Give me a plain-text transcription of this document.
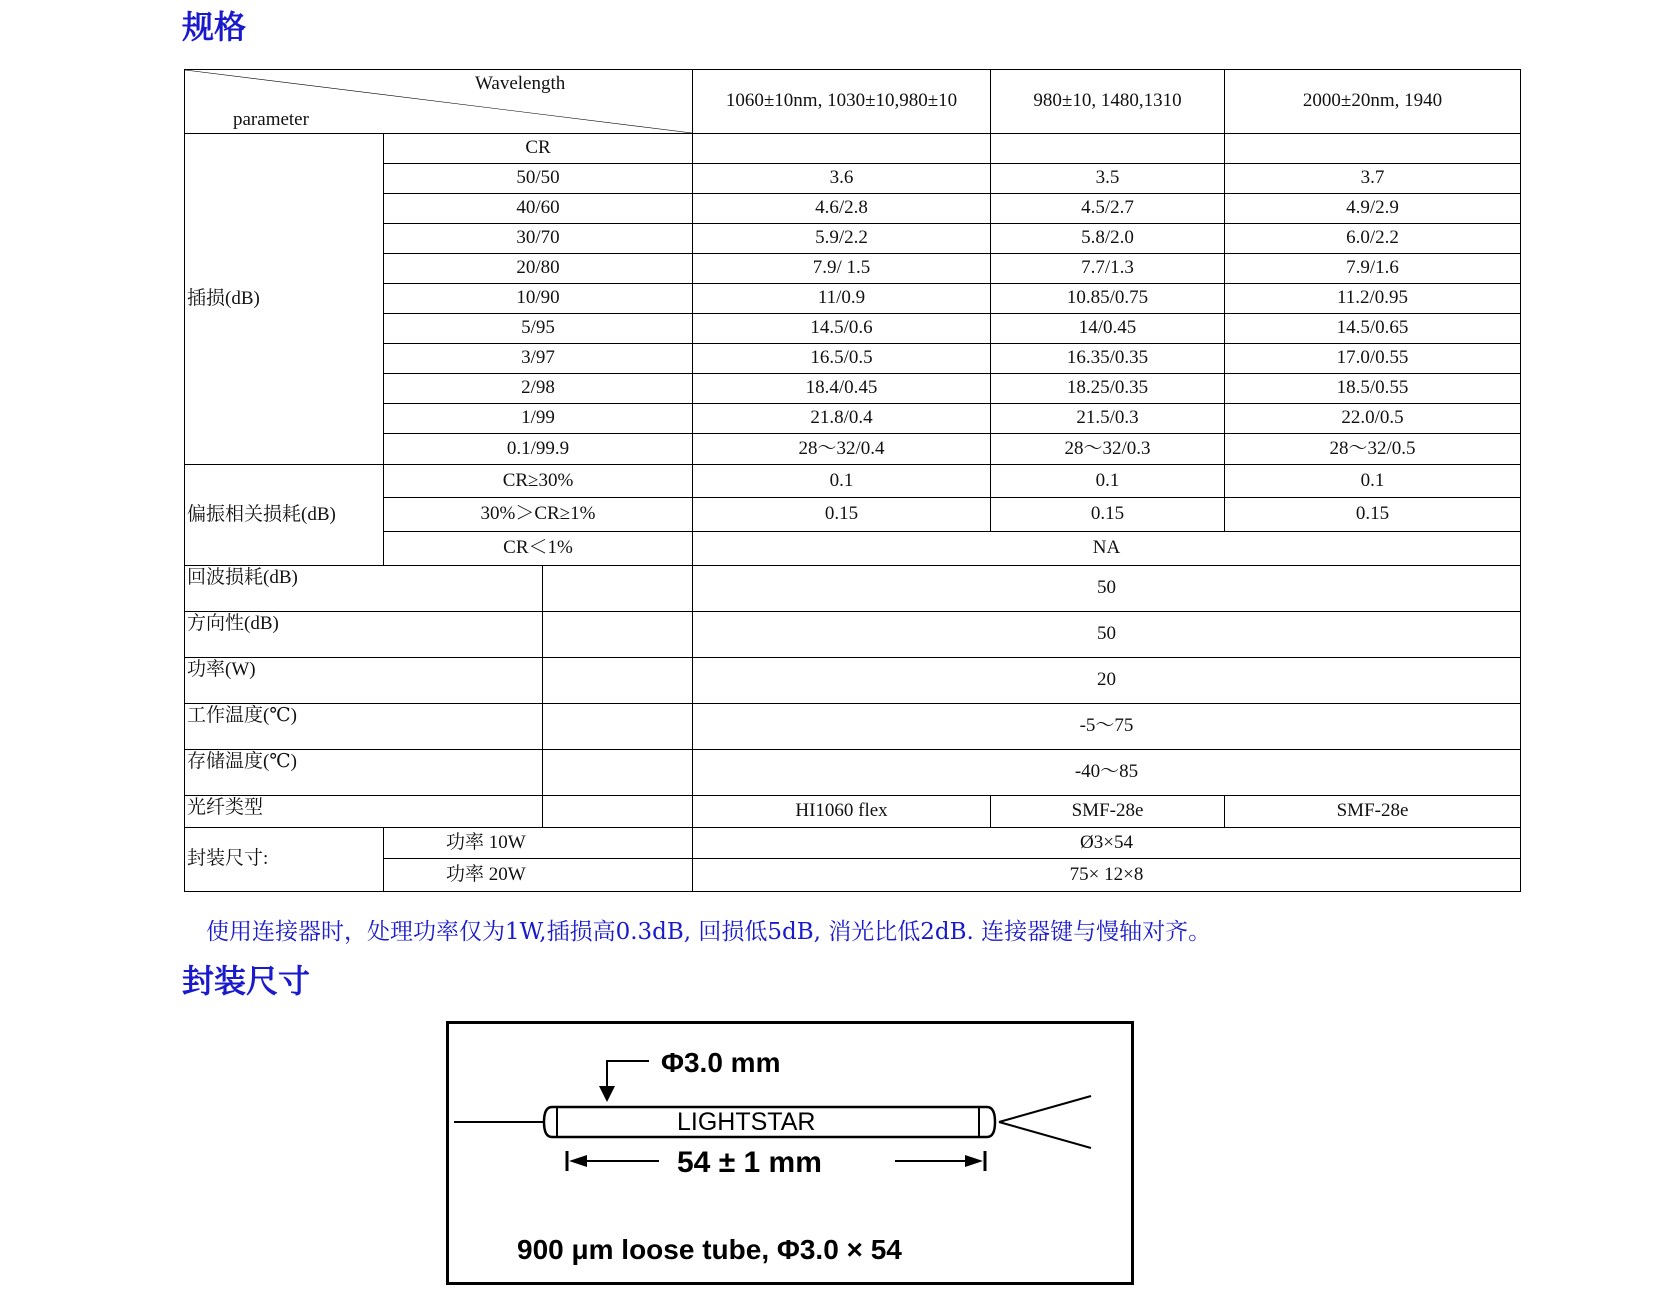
规格
Wavelength
parameter			1060±10nm, 1030±10,980±10	980±10, 1480,1310	2000±20nm, 1940
插损(dB)	CR				
	50/50		3.6	3.5	3.7
	40/60		4.6/2.8	4.5/2.7	4.9/2.9
	30/70		5.9/2.2	5.8/2.0	6.0/2.2
	20/80		7.9/ 1.5	7.7/1.3	7.9/1.6
	10/90		11/0.9	10.85/0.75	11.2/0.95
	5/95		14.5/0.6	14/0.45	14.5/0.65
	3/97		16.5/0.5	16.35/0.35	17.0/0.55
	2/98		18.4/0.45	18.25/0.35	18.5/0.55
	1/99		21.8/0.4	21.5/0.3	22.0/0.5
	0.1/99.9		28～32/0.4	28～32/0.3	28～32/0.5
偏振相关损耗(dB)	CR≥30%		0.1	0.1	0.1
	30%＞CR≥1%		0.15	0.15	0.15
	CR＜1%		NA		
回波损耗(dB)			50		
方向性(dB)			50		
功率(W)			20		
工作温度(℃)			-5～75		
存储温度(℃)			-40～85		
光纤类型			HI1060 flex	SMF-28e	SMF-28e
封装尺寸:	功率 10W		Ø3×54		
	功率 20W		75× 12×8		

使用连接器时，处理功率仅为1W,插损高0.3dB, 回损低5dB, 消光比低2dB. 连接器键与慢轴对齐。

封装尺寸
Φ3.0 mm
LIGHTSTAR
54 ± 1 mm
900 μm loose tube, Φ3.0 × 54
